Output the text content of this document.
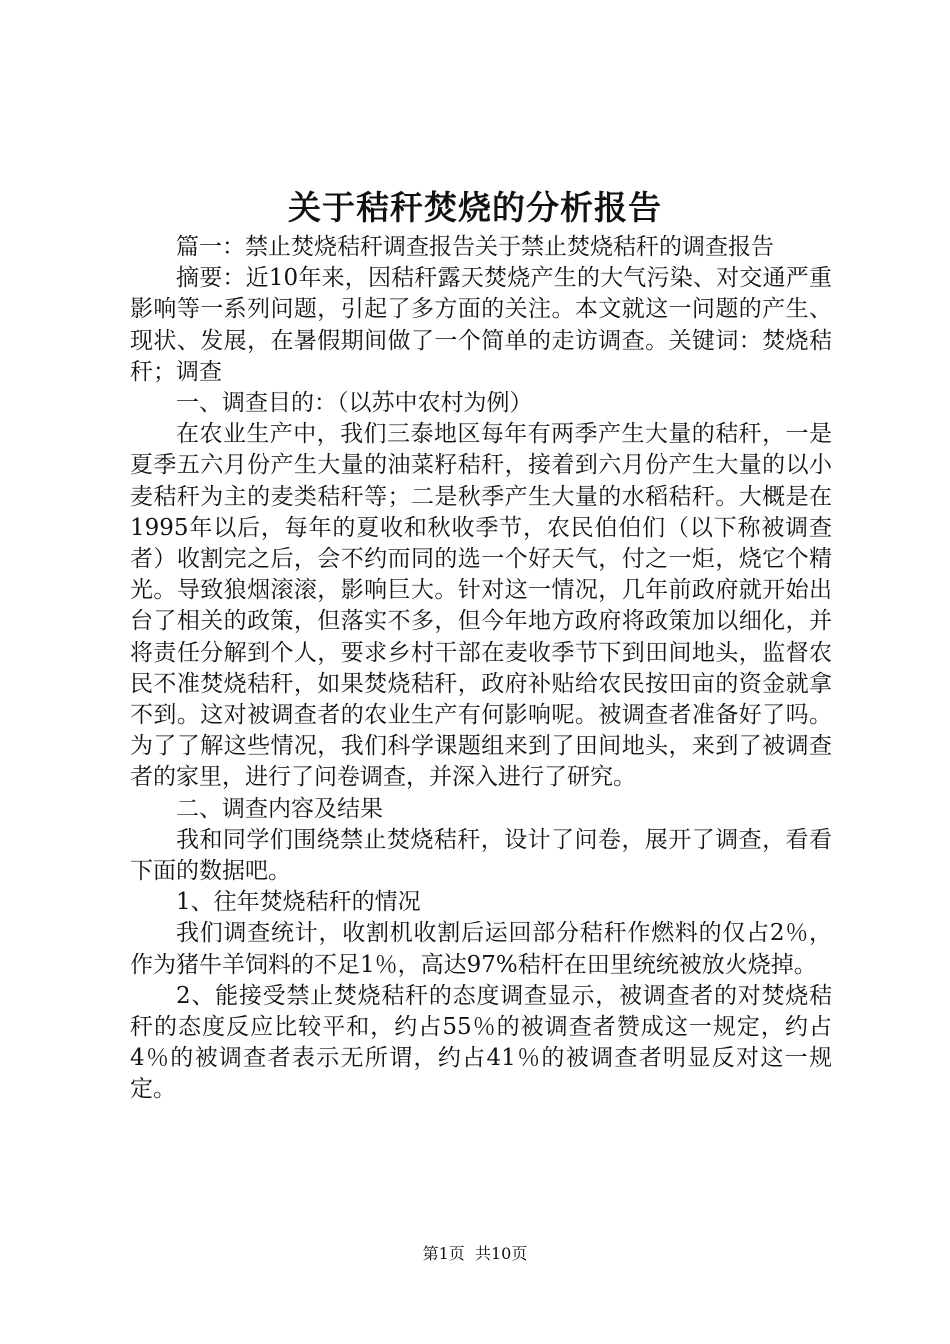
关于秸秆焚烧的分析报告

篇一：禁止焚烧秸秆调查报告关于禁止焚烧秸秆的调查报告

摘要：近10年来，因秸秆露天焚烧产生的大气污染、对交通严重影响等一系列问题，引起了多方面的关注。本文就这一问题的产生、现状、发展，在暑假期间做了一个简单的走访调查。关键词：焚烧秸秆；调查

一、调查目的：（以苏中农村为例）

在农业生产中，我们三泰地区每年有两季产生大量的秸秆，一是夏季五六月份产生大量的油菜籽秸秆，接着到六月份产生大量的以小麦秸秆为主的麦类秸秆等；二是秋季产生大量的水稻秸秆。大概是在1995年以后，每年的夏收和秋收季节，农民伯伯们（以下称被调查者）收割完之后，会不约而同的选一个好天气，付之一炬，烧它个精光。导致狼烟滚滚，影响巨大。针对这一情况，几年前政府就开始出台了相关的政策，但落实不多，但今年地方政府将政策加以细化，并将责任分解到个人，要求乡村干部在麦收季节下到田间地头，监督农民不准焚烧秸秆，如果焚烧秸秆，政府补贴给农民按田亩的资金就拿不到。这对被调查者的农业生产有何影响呢。被调查者准备好了吗。为了了解这些情况，我们科学课题组来到了田间地头，来到了被调查者的家里，进行了问卷调查，并深入进行了研究。

二、调查内容及结果

我和同学们围绕禁止焚烧秸秆，设计了问卷，展开了调查，看看下面的数据吧。

1、往年焚烧秸秆的情况

我们调查统计，收割机收割后运回部分秸秆作燃料的仅占2％，作为猪牛羊饲料的不足1％，高达97%秸杆在田里统统被放火烧掉。

2、能接受禁止焚烧秸秆的态度调查显示，被调查者的对焚烧秸秆的态度反应比较平和，约占55％的被调查者赞成这一规定，约占4％的被调查者表示无所谓，约占41％的被调查者明显反对这一规定。

第1页 共10页
